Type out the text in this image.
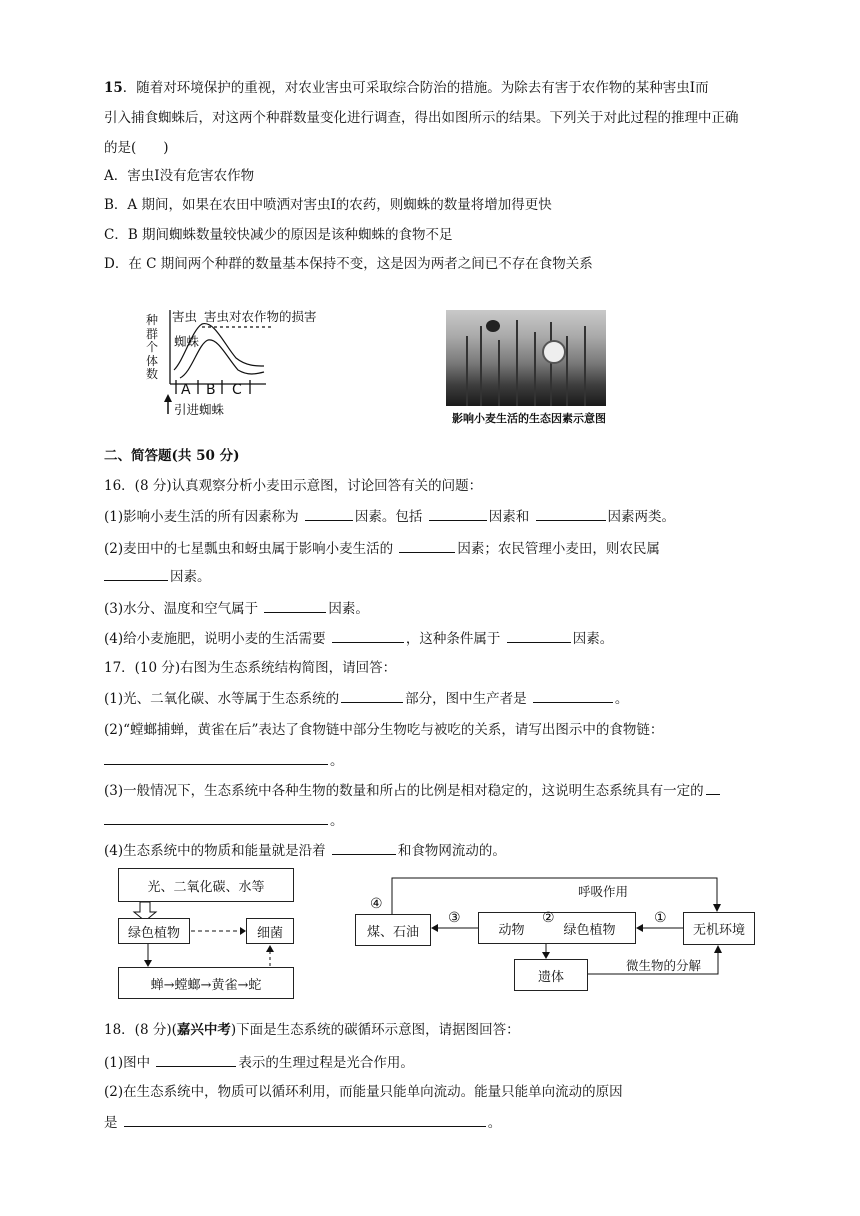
15．随着对环境保护的重视，对农业害虫可采取综合防治的措施。为除去有害于农作物的某种害虫Ⅰ而
引入捕食蜘蛛后，对这两个种群数量变化进行调查，得出如图所示的结果。下列关于对此过程的推理中正确
的是(　　)
A．害虫Ⅰ没有危害农作物
B．A 期间，如果在农田中喷洒对害虫Ⅰ的农药，则蜘蛛的数量将增加得更快
C．B 期间蜘蛛数量较快减少的原因是该种蜘蛛的食物不足
D．在 C 期间两个种群的数量基本保持不变，这是因为两者之间已不存在食物关系
种
群
个
体
数
害虫 害虫对农作物的损害
蜘蛛
A B C
引进蜘蛛
影响小麦生活的生态因素示意图
二、简答题(共 50 分)
16．(8 分)认真观察分析小麦田示意图，讨论回答有关的问题：
(1)影响小麦生活的所有因素称为	因素。包括	因素和	因素两类。
(2)麦田中的七星瓢虫和蚜虫属于影响小麦生活的	因素；农民管理小麦田，则农民属
因素。
(3)水分、温度和空气属于	因素。
(4)给小麦施肥，说明小麦的生活需要	，这种条件属于	因素。
17．(10 分)右图为生态系统结构简图，请回答：
(1)光、二氧化碳、水等属于生态系统的	部分，图中生产者是	。
(2)“螳螂捕蝉，黄雀在后”表达了食物链中部分生物吃与被吃的关系，请写出图示中的食物链：
。
(3)一般情况下，生态系统中各种生物的数量和所占的比例是相对稳定的，这说明生态系统具有一定的
。
(4)生态系统中的物质和能量就是沿着	和食物网流动的。
光、二氧化碳、水等
绿色植物	细菌
蝉→螳螂→黄雀→蛇
煤、石油	动物	绿色植物	无机环境
遗体
呼吸作用
微生物的分解
④
③	②	①
18．(8 分)(嘉兴中考)下面是生态系统的碳循环示意图，请据图回答：
(1)图中	表示的生理过程是光合作用。
(2)在生态系统中，物质可以循环利用，而能量只能单向流动。能量只能单向流动的原因
是	。
